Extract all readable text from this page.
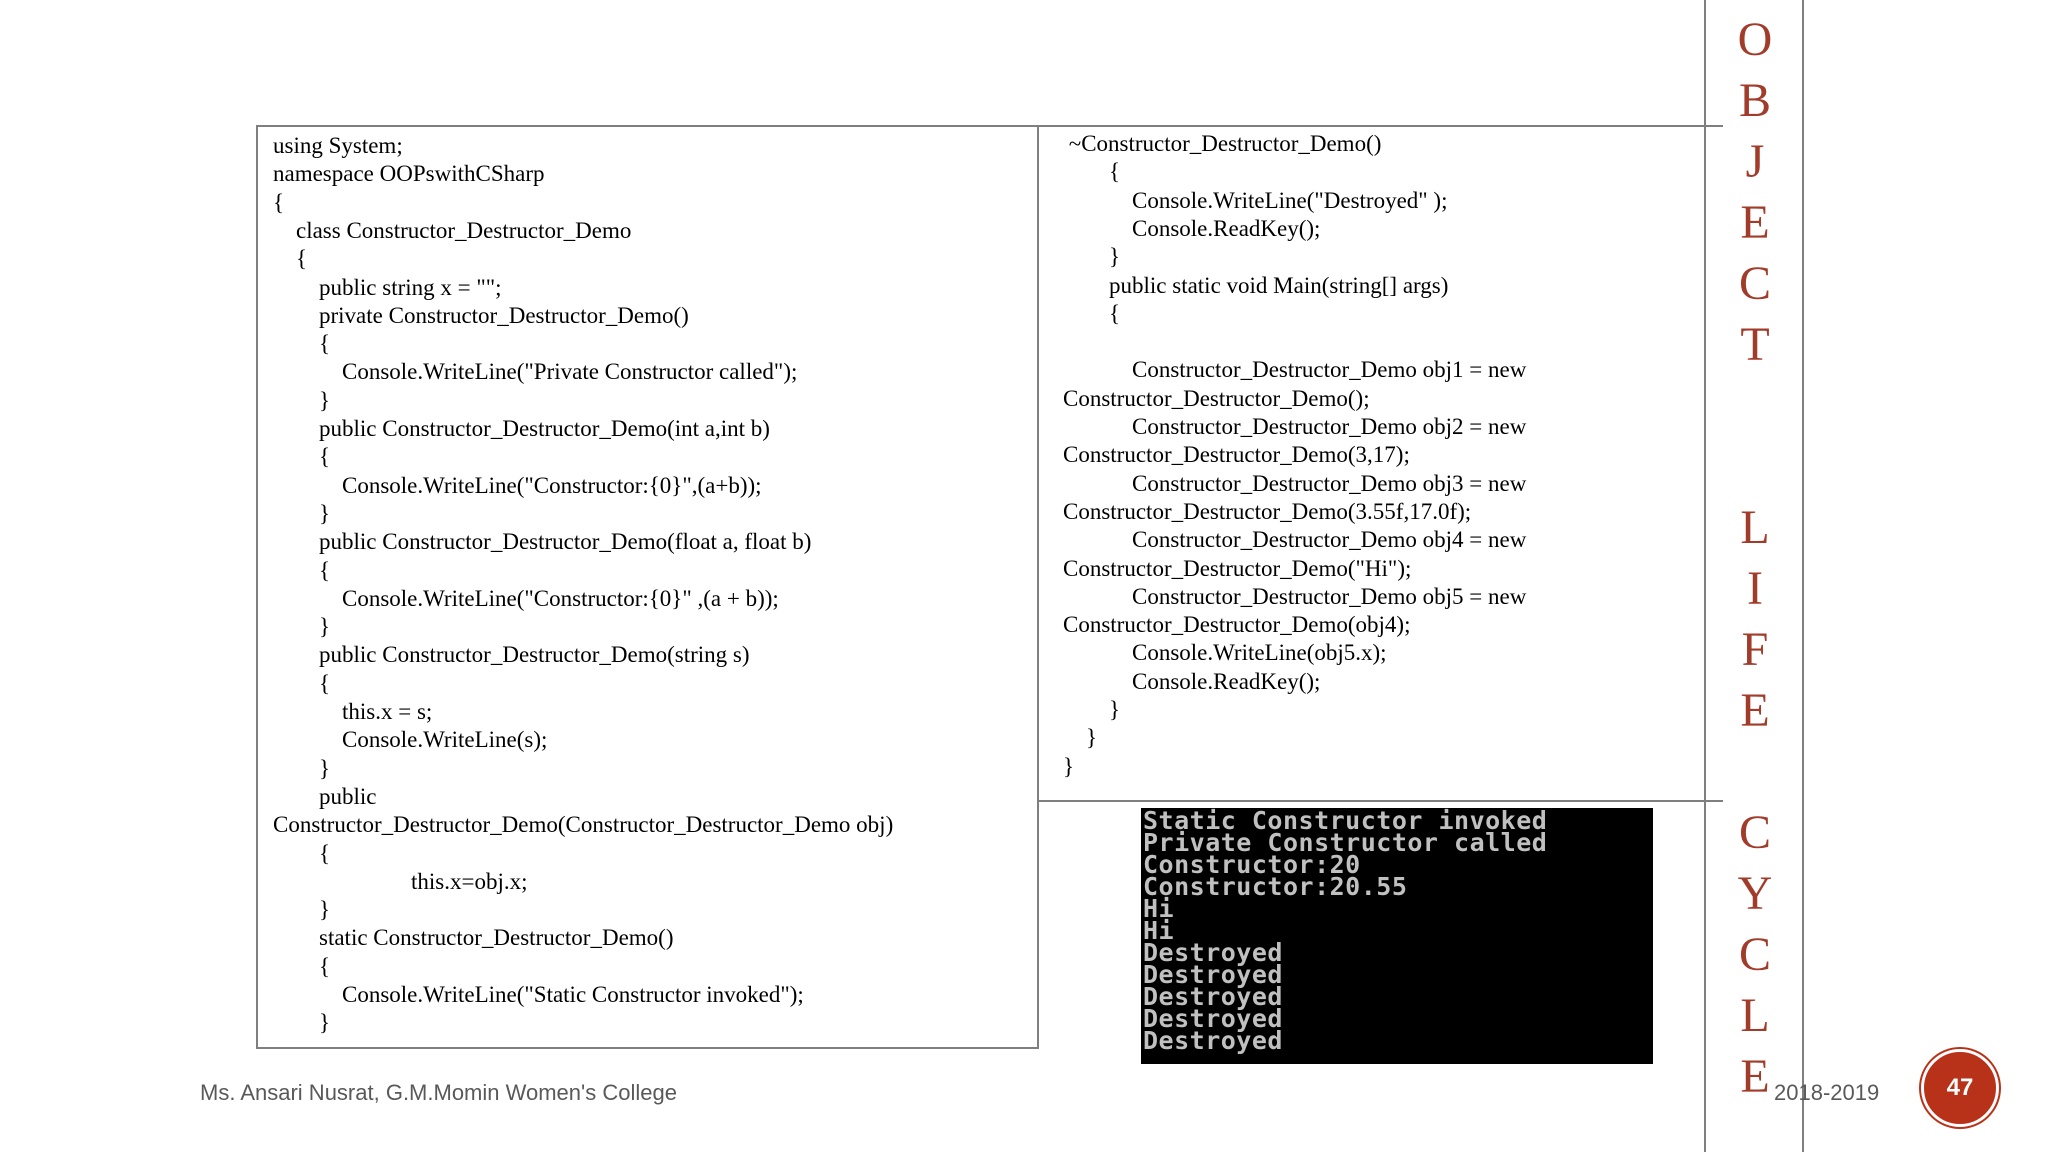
using System;
namespace OOPswithCSharp
{
class Constructor_Destructor_Demo
{
public string x = "";
private Constructor_Destructor_Demo()
{
Console.WriteLine("Private Constructor called");
}
public Constructor_Destructor_Demo(int a,int b)
{
Console.WriteLine("Constructor:{0}",(a+b));
}
public Constructor_Destructor_Demo(float a, float b)
{
Console.WriteLine("Constructor:{0}" ,(a + b));
}
public Constructor_Destructor_Demo(string s)
{
this.x = s;
Console.WriteLine(s);
}
public
Constructor_Destructor_Demo(Constructor_Destructor_Demo obj)
{
this.x=obj.x;
}
static Constructor_Destructor_Demo()
{
Console.WriteLine("Static Constructor invoked");
}
~Constructor_Destructor_Demo()
{
Console.WriteLine("Destroyed" );
Console.ReadKey();
}
public static void Main(string[] args)
{
Constructor_Destructor_Demo obj1 = new
Constructor_Destructor_Demo();
Constructor_Destructor_Demo obj2 = new
Constructor_Destructor_Demo(3,17);
Constructor_Destructor_Demo obj3 = new
Constructor_Destructor_Demo(3.55f,17.0f);
Constructor_Destructor_Demo obj4 = new
Constructor_Destructor_Demo("Hi");
Constructor_Destructor_Demo obj5 = new
Constructor_Destructor_Demo(obj4);
Console.WriteLine(obj5.x);
Console.ReadKey();
}
}
}
Static Constructor invoked
Private Constructor called
Constructor:20
Constructor:20.55
Hi
Hi
Destroyed
Destroyed
Destroyed
Destroyed
Destroyed
O
B
J
E
C
T
L
I
F
E
C
Y
C
L
E
Ms. Ansari Nusrat, G.M.Momin Women's College	2018-2019	47
